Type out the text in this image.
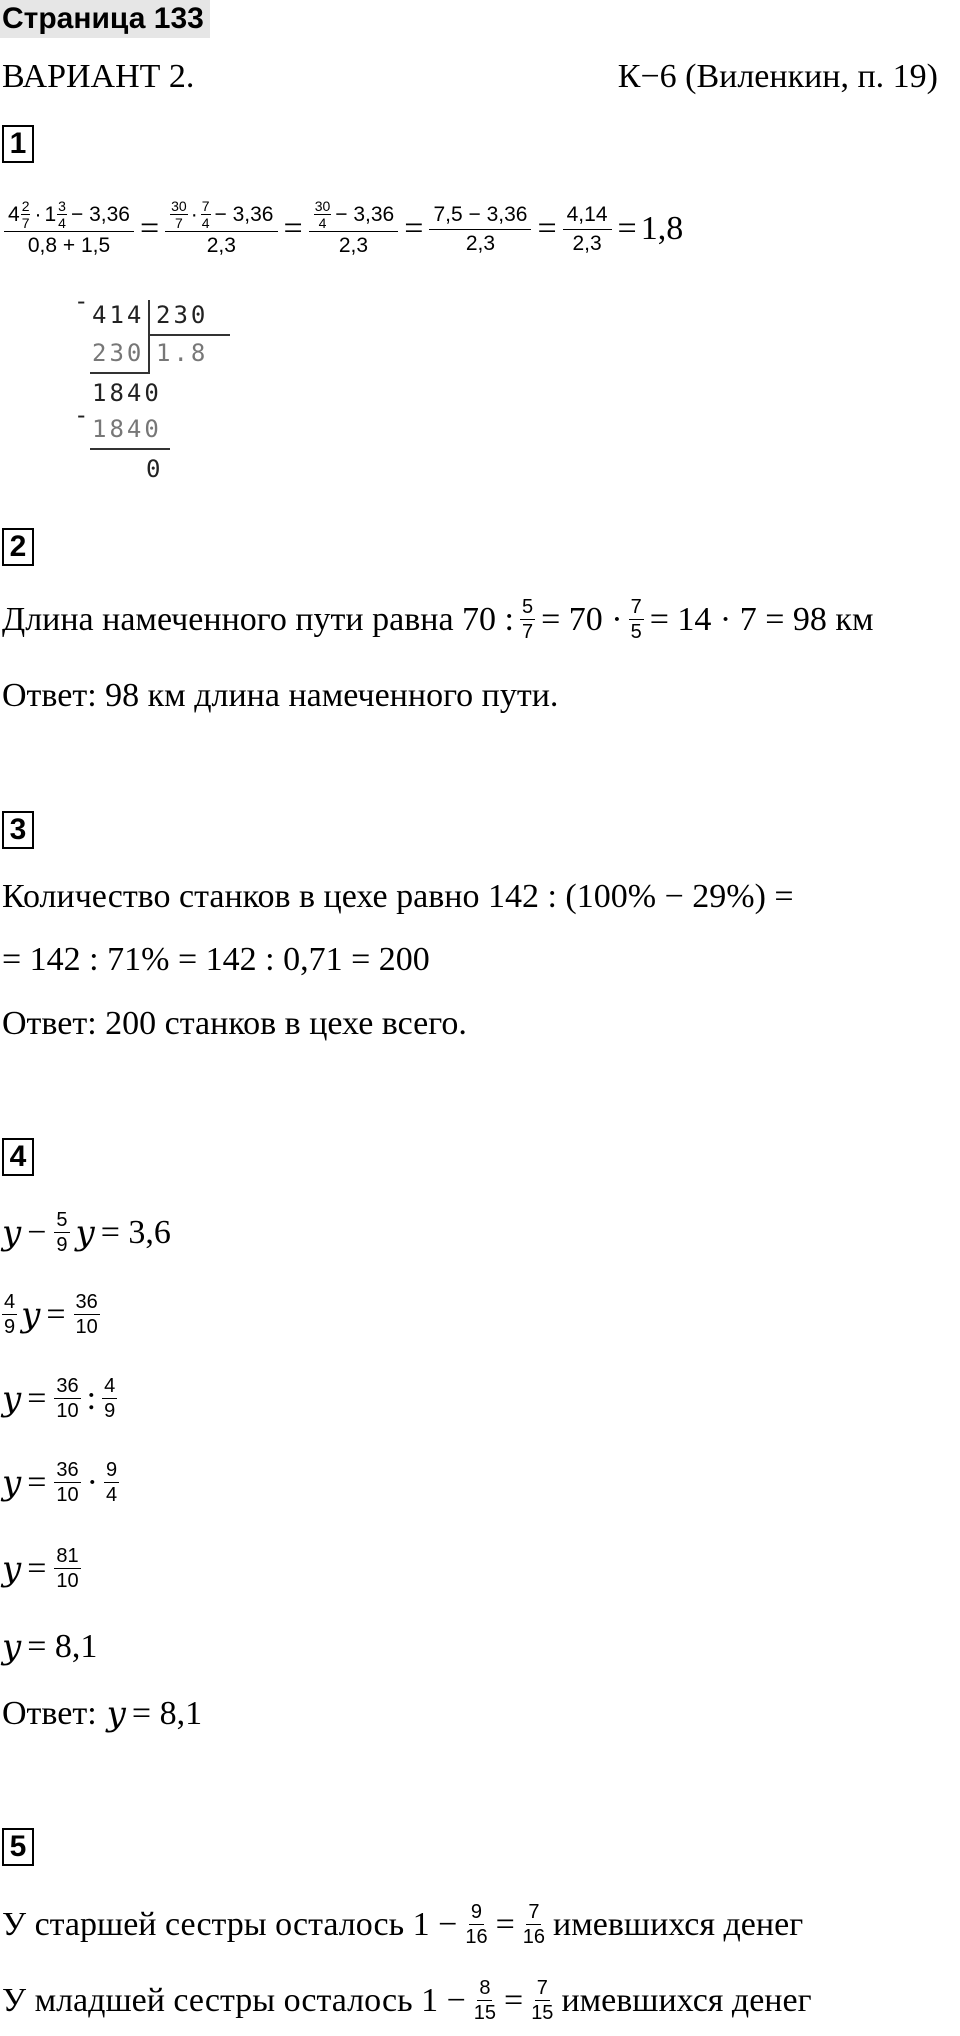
Страница 133
ВАРИАНТ 2.	К−6 (Виленкин, п. 19)
1
4 2
7 · 1 3
4 − 3,36
0,8 + 1,5 = 30
7 · 7
4 − 3,36
2,3 = 30
4 − 3,36
$2,3 = \frac{7,5 - 3,36}{2,3} = \frac{4,14}{2,3} = 1,8$
- 414 230
230 1.8
1840
- 1840
0
2
Длина намеченного пути равна 70 : $\frac{5}{7} = 70 \cdot \frac{7}{5} = 14 \cdot 7 = 98$ км
Ответ: 98 км длина намеченного пути.
3
Количество станков в цехе равно 142 : (100% − 29%) =
= 142 : 71% = 142 : 0,71 = 200
Ответ: 200 станков в цехе всего.
4
$y - \frac{5}{9}$ y = 3,6
$\frac{4}{9}$ $y = \frac{36}{10}$
$y = \frac{36}{10}$ : $\frac{4}{9}$
$y = \frac{36}{10} \cdot \frac{9}{4}$
$y = \frac{81}{10}$
y = 8,1
Ответ: y = 8,1
5
У старшей сестры осталось $1 - \frac{9}{16} = \frac{7}{16}$ имевшихся денег
У младшей сестры осталось $1 - \frac{8}{15} = \frac{7}{15}$ имевшихся денег
